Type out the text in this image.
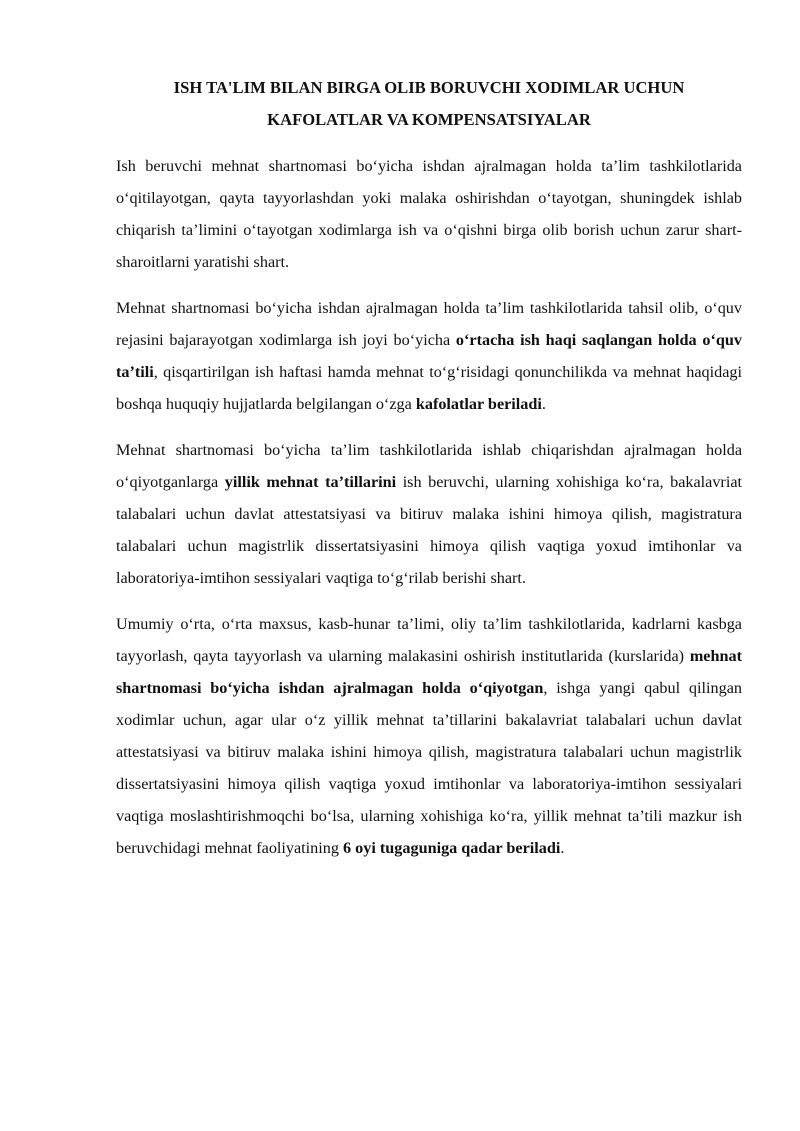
ISH TA'LIM BILAN BIRGA OLIB BORUVCHI XODIMLAR UCHUN
KAFOLATLAR VA KOMPENSATSIYALAR

Ish beruvchi mehnat shartnomasi bo‘yicha ishdan ajralmagan holda ta’lim tashkilotlarida o‘qitilayotgan, qayta tayyorlashdan yoki malaka oshirishdan o‘tayotgan, shuningdek ishlab chiqarish ta’limini o‘tayotgan xodimlarga ish va o‘qishni birga olib borish uchun zarur shart-sharoitlarni yaratishi shart.

Mehnat shartnomasi bo‘yicha ishdan ajralmagan holda ta’lim tashkilotlarida tahsil olib, o‘quv rejasini bajarayotgan xodimlarga ish joyi bo‘yicha o‘rtacha ish haqi saqlangan holda o‘quv ta’tili, qisqartirilgan ish haftasi hamda mehnat to‘g‘risidagi qonunchilikda va mehnat haqidagi boshqa huquqiy hujjatlarda belgilangan o‘zga kafolatlar beriladi.

Mehnat shartnomasi bo‘yicha ta’lim tashkilotlarida ishlab chiqarishdan ajralmagan holda o‘qiyotganlarga yillik mehnat ta’tillarini ish beruvchi, ularning xohishiga ko‘ra, bakalavriat talabalari uchun davlat attestatsiyasi va bitiruv malaka ishini himoya qilish, magistratura talabalari uchun magistrlik dissertatsiyasini himoya qilish vaqtiga yoxud imtihonlar va laboratoriya-imtihon sessiyalari vaqtiga to‘g‘rilab berishi shart.

Umumiy o‘rta, o‘rta maxsus, kasb-hunar ta’limi, oliy ta’lim tashkilotlarida, kadrlarni kasbga tayyorlash, qayta tayyorlash va ularning malakasini oshirish institutlarida (kurslarida) mehnat shartnomasi bo‘yicha ishdan ajralmagan holda o‘qiyotgan, ishga yangi qabul qilingan xodimlar uchun, agar ular o‘z yillik mehnat ta’tillarini bakalavriat talabalari uchun davlat attestatsiyasi va bitiruv malaka ishini himoya qilish, magistratura talabalari uchun magistrlik dissertatsiyasini himoya qilish vaqtiga yoxud imtihonlar va laboratoriya-imtihon sessiyalari vaqtiga moslashtirishmoqchi bo‘lsa, ularning xohishiga ko‘ra, yillik mehnat ta’tili mazkur ish beruvchidagi mehnat faoliyatining 6 oyi tugaguniga qadar beriladi.
